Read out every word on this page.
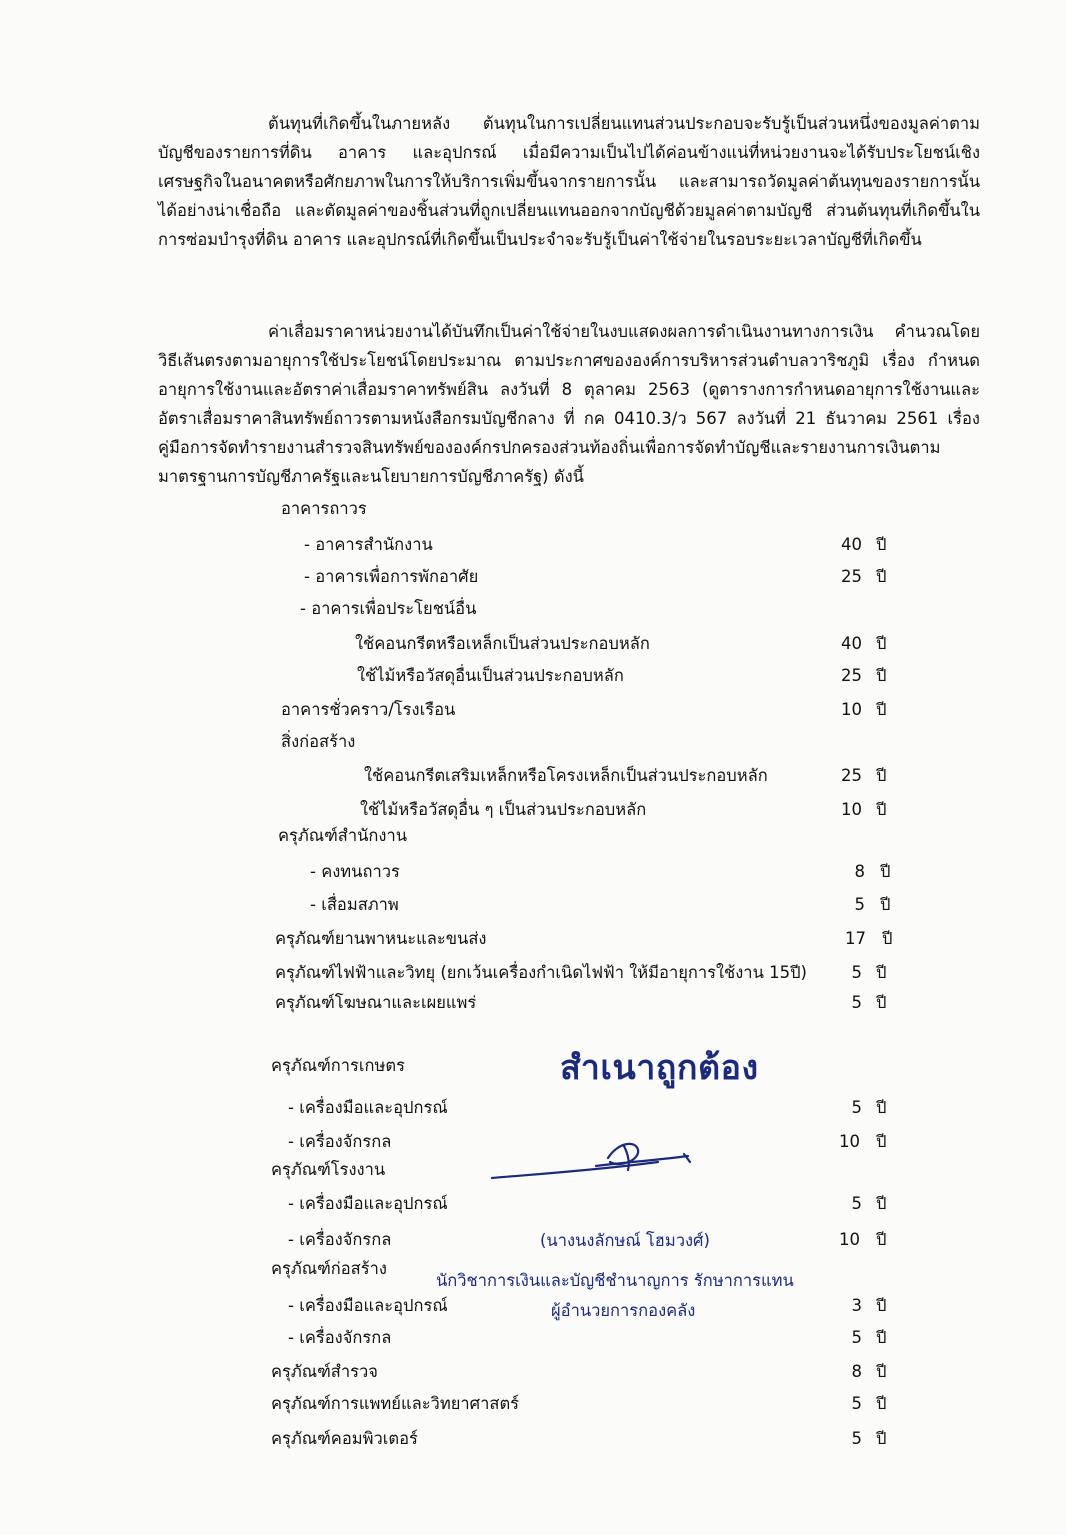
ต้นทุนที่เกิดขึ้นในภายหลัง ต้นทุนในการเปลี่ยนแทนส่วนประกอบจะรับรู้เป็นส่วนหนึ่งของมูลค่าตามบัญชีของรายการที่ดิน อาคาร และอุปกรณ์ เมื่อมีความเป็นไปได้ค่อนข้างแน่ที่หน่วยงานจะได้รับประโยชน์เชิงเศรษฐกิจในอนาคตหรือศักยภาพในการให้บริการเพิ่มขึ้นจากรายการนั้น และสามารถวัดมูลค่าต้นทุนของรายการนั้นได้อย่างน่าเชื่อถือ และตัดมูลค่าของชิ้นส่วนที่ถูกเปลี่ยนแทนออกจากบัญชีด้วยมูลค่าตามบัญชี ส่วนต้นทุนที่เกิดขึ้นในการซ่อมบำรุงที่ดิน อาคาร และอุปกรณ์ที่เกิดขึ้นเป็นประจำจะรับรู้เป็นค่าใช้จ่ายในรอบระยะเวลาบัญชีที่เกิดขึ้น

ค่าเสื่อมราคาหน่วยงานได้บันทึกเป็นค่าใช้จ่ายในงบแสดงผลการดำเนินงานทางการเงิน คำนวณโดยวิธีเส้นตรงตามอายุการใช้ประโยชน์โดยประมาณ ตามประกาศขององค์การบริหารส่วนตำบลวาริชภูมิ เรื่อง กำหนดอายุการใช้งานและอัตราค่าเสื่อมราคาทรัพย์สิน ลงวันที่ 8 ตุลาคม 2563 (ดูตารางการกำหนดอายุการใช้งานและอัตราเสื่อมราคาสินทรัพย์ถาวรตามหนังสือกรมบัญชีกลาง ที่ กค 0410.3/ว 567 ลงวันที่ 21 ธันวาคม 2561 เรื่อง คู่มือการจัดทำรายงานสำรวจสินทรัพย์ขององค์กรปกครองส่วนท้องถิ่นเพื่อการจัดทำบัญชีและรายงานการเงินตามมาตรฐานการบัญชีภาครัฐและนโยบายการบัญชีภาครัฐ) ดังนี้

อาคารถาวร
- อาคารสำนักงาน	40 ปี
- อาคารเพื่อการพักอาศัย	25 ปี
- อาคารเพื่อประโยชน์อื่น
ใช้คอนกรีตหรือเหล็กเป็นส่วนประกอบหลัก	40 ปี
ใช้ไม้หรือวัสดุอื่นเป็นส่วนประกอบหลัก	25 ปี
อาคารชั่วคราว/โรงเรือน	10 ปี
สิ่งก่อสร้าง
ใช้คอนกรีตเสริมเหล็กหรือโครงเหล็กเป็นส่วนประกอบหลัก	25 ปี
ใช้ไม้หรือวัสดุอื่น ๆ เป็นส่วนประกอบหลัก	10 ปี
ครุภัณฑ์สำนักงาน
- คงทนถาวร	8 ปี
- เสื่อมสภาพ	5 ปี
ครุภัณฑ์ยานพาหนะและขนส่ง	17 ปี
ครุภัณฑ์ไฟฟ้าและวิทยุ (ยกเว้นเครื่องกำเนิดไฟฟ้า ให้มีอายุการใช้งาน 15ปี)	5 ปี
ครุภัณฑ์โฆษณาและเผยแพร่	5 ปี
ครุภัณฑ์การเกษตร
- เครื่องมือและอุปกรณ์	5 ปี
- เครื่องจักรกล	10 ปี
ครุภัณฑ์โรงงาน
- เครื่องมือและอุปกรณ์	5 ปี
- เครื่องจักรกล	10 ปี
ครุภัณฑ์ก่อสร้าง
- เครื่องมือและอุปกรณ์	3 ปี
- เครื่องจักรกล	5 ปี
ครุภัณฑ์สำรวจ	8 ปี
ครุภัณฑ์การแพทย์และวิทยาศาสตร์	5 ปี
ครุภัณฑ์คอมพิวเตอร์	5 ปี
สำเนาถูกต้อง
(นางนงลักษณ์ โฮมวงศ์)
นักวิชาการเงินและบัญชีชำนาญการ รักษาการแทน
ผู้อำนวยการกองคลัง
